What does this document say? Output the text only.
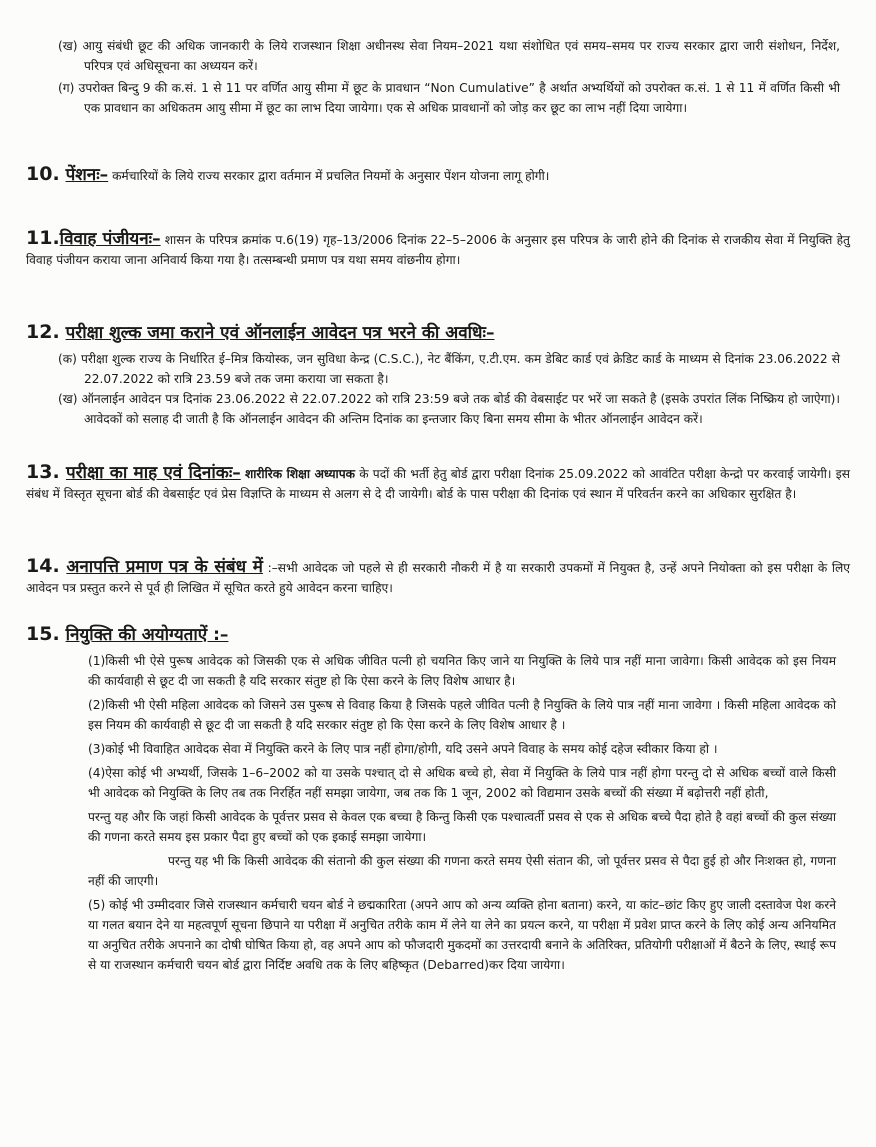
(ख) आयु संबंधी छूट की अधिक जानकारी के लिये राजस्थान शिक्षा अधीनस्थ सेवा नियम–2021 यथा संशोधित एवं समय–समय पर राज्य सरकार द्वारा जारी संशोधन, निर्देश, परिपत्र एवं अधिसूचना का अध्ययन करें।

(ग) उपरोक्त बिन्दु 9 की क.सं. 1 से 11 पर वर्णित आयु सीमा में छूट के प्रावधान “Non Cumulative” है अर्थात अभ्यर्थियों को उपरोक्त क.सं. 1 से 11 में वर्णित किसी भी एक प्रावधान का अधिकतम आयु सीमा में छूट का लाभ दिया जायेगा। एक से अधिक प्रावधानों को जोड़ कर छूट का लाभ नहीं दिया जायेगा।

10. पेंशनः– कर्मचारियों के लिये राज्य सरकार द्वारा वर्तमान में प्रचलित नियमों के अनुसार पेंशन योजना लागू होगी।

11.विवाह पंजीयनः– शासन के परिपत्र क्रमांक प.6(19) गृह–13/2006 दिनांक 22–5–2006 के अनुसार इस परिपत्र के जारी होने की दिनांक से राजकीय सेवा में नियुक्ति हेतु विवाह पंजीयन कराया जाना अनिवार्य किया गया है। तत्सम्बन्धी प्रमाण पत्र यथा समय वांछनीय होगा।

12. परीक्षा शुल्क जमा कराने एवं ऑनलाईन आवेदन पत्र भरने की अवधिः–

(क) परीक्षा शुल्क राज्य के निर्धारित ई–मित्र कियोस्क, जन सुविधा केन्द्र (C.S.C.), नेट बैंकिंग, ए.टी.एम. कम डेबिट कार्ड एवं क्रेडिट कार्ड के माध्यम से दिनांक 23.06.2022 से 22.07.2022 को रात्रि 23.59 बजे तक जमा कराया जा सकता है।

(ख) ऑनलाईन आवेदन पत्र दिनांक 23.06.2022 से 22.07.2022 को रात्रि 23:59 बजे तक बोर्ड की वेबसाईट पर भरें जा सकते है (इसके उपरांत लिंक निष्क्रिय हो जाऐगा)। आवेदकों को सलाह दी जाती है कि ऑनलाईन आवेदन की अन्तिम दिनांक का इन्तजार किए बिना समय सीमा के भीतर ऑनलाईन आवेदन करें।

13. परीक्षा का माह एवं दिनांकः– शारीरिक शिक्षा अध्यापक के पदों की भर्ती हेतु बोर्ड द्वारा परीक्षा दिनांक 25.09.2022 को आवंटित परीक्षा केन्द्रो पर करवाई जायेगी। इस संबंध में विस्तृत सूचना बोर्ड की वेबसाईट एवं प्रेस विज्ञप्ति के माध्यम से अलग से दे दी जायेगी। बोर्ड के पास परीक्षा की दिनांक एवं स्थान में परिवर्तन करने का अधिकार सुरक्षित है।

14. अनापत्ति प्रमाण पत्र के संबंध में :–सभी आवेदक जो पहले से ही सरकारी नौकरी में है या सरकारी उपकमों में नियुक्त है, उन्हें अपने नियोक्ता को इस परीक्षा के लिए आवेदन पत्र प्रस्तुत करने से पूर्व ही लिखित में सूचित करते हुये आवेदन करना चाहिए।

15. नियुक्ति की अयोग्यताऐं :–

(1)किसी भी ऐसे पुरूष आवेदक को जिसकी एक से अधिक जीवित पत्नी हो चयनित किए जाने या नियुक्ति के लिये पात्र नहीं माना जावेगा। किसी आवेदक को इस नियम की कार्यवाही से छूट दी जा सकती है यदि सरकार संतुष्ट हो कि ऐसा करने के लिए विशेष आधार है।

(2)किसी भी ऐसी महिला आवेदक को जिसने उस पुरूष से विवाह किया है जिसके पहले जीवित पत्नी है नियुक्ति के लिये पात्र नहीं माना जावेगा । किसी महिला आवेदक को इस नियम की कार्यवाही से छूट दी जा सकती है यदि सरकार संतुष्ट हो कि ऐसा करने के लिए विशेष आधार है ।

(3)कोई भी विवाहित आवेदक सेवा में नियुक्ति करने के लिए पात्र नहीं होगा/होगी, यदि उसने अपने विवाह के समय कोई दहेज स्वीकार किया हो ।

(4)ऐसा कोई भी अभ्यर्थी, जिसके 1–6–2002 को या उसके पश्चात् दो से अधिक बच्चे हो, सेवा में नियुक्ति के लिये पात्र नहीं होगा परन्तु दो से अधिक बच्चों वाले किसी भी आवेदक को नियुक्ति के लिए तब तक निरर्हित नहीं समझा जायेगा, जब तक कि 1 जून, 2002 को विद्यमान उसके बच्चों की संख्या में बढ़ोत्तरी नहीं होती,

परन्तु यह और कि जहां किसी आवेदक के पूर्वत्तर प्रसव से केवल एक बच्चा है किन्तु किसी एक पश्चात्वर्ती प्रसव से एक से अधिक बच्चे पैदा होते है वहां बच्चों की कुल संख्या की गणना करते समय इस प्रकार पैदा हुए बच्चों को एक इकाई समझा जायेगा।

परन्तु यह भी कि किसी आवेदक की संतानो की कुल संख्या की गणना करते समय ऐसी संतान की, जो पूर्वत्तर प्रसव से पैदा हुई हो और निःशक्त हो, गणना नहीं की जाएगी।

(5) कोई भी उम्मीदवार जिसे राजस्थान कर्मचारी चयन बोर्ड ने छद्मकारिता (अपने आप को अन्य व्यक्ति होना बताना) करने, या कांट–छांट किए हुए जाली दस्तावेज पेश करने या गलत बयान देने या महत्वपूर्ण सूचना छिपाने या परीक्षा में अनुचित तरीके काम में लेने या लेने का प्रयत्न करने, या परीक्षा में प्रवेश प्राप्त करने के लिए कोई अन्य अनियमित या अनुचित तरीके अपनाने का दोषी घोषित किया हो, वह अपने आप को फौजदारी मुकदमों का उत्तरदायी बनाने के अतिरिक्त, प्रतियोगी परीक्षाओं में बैठने के लिए, स्थाई रूप से या राजस्थान कर्मचारी चयन बोर्ड द्वारा निर्दिष्ट अवधि तक के लिए बहिष्कृत (Debarred)कर दिया जायेगा।
